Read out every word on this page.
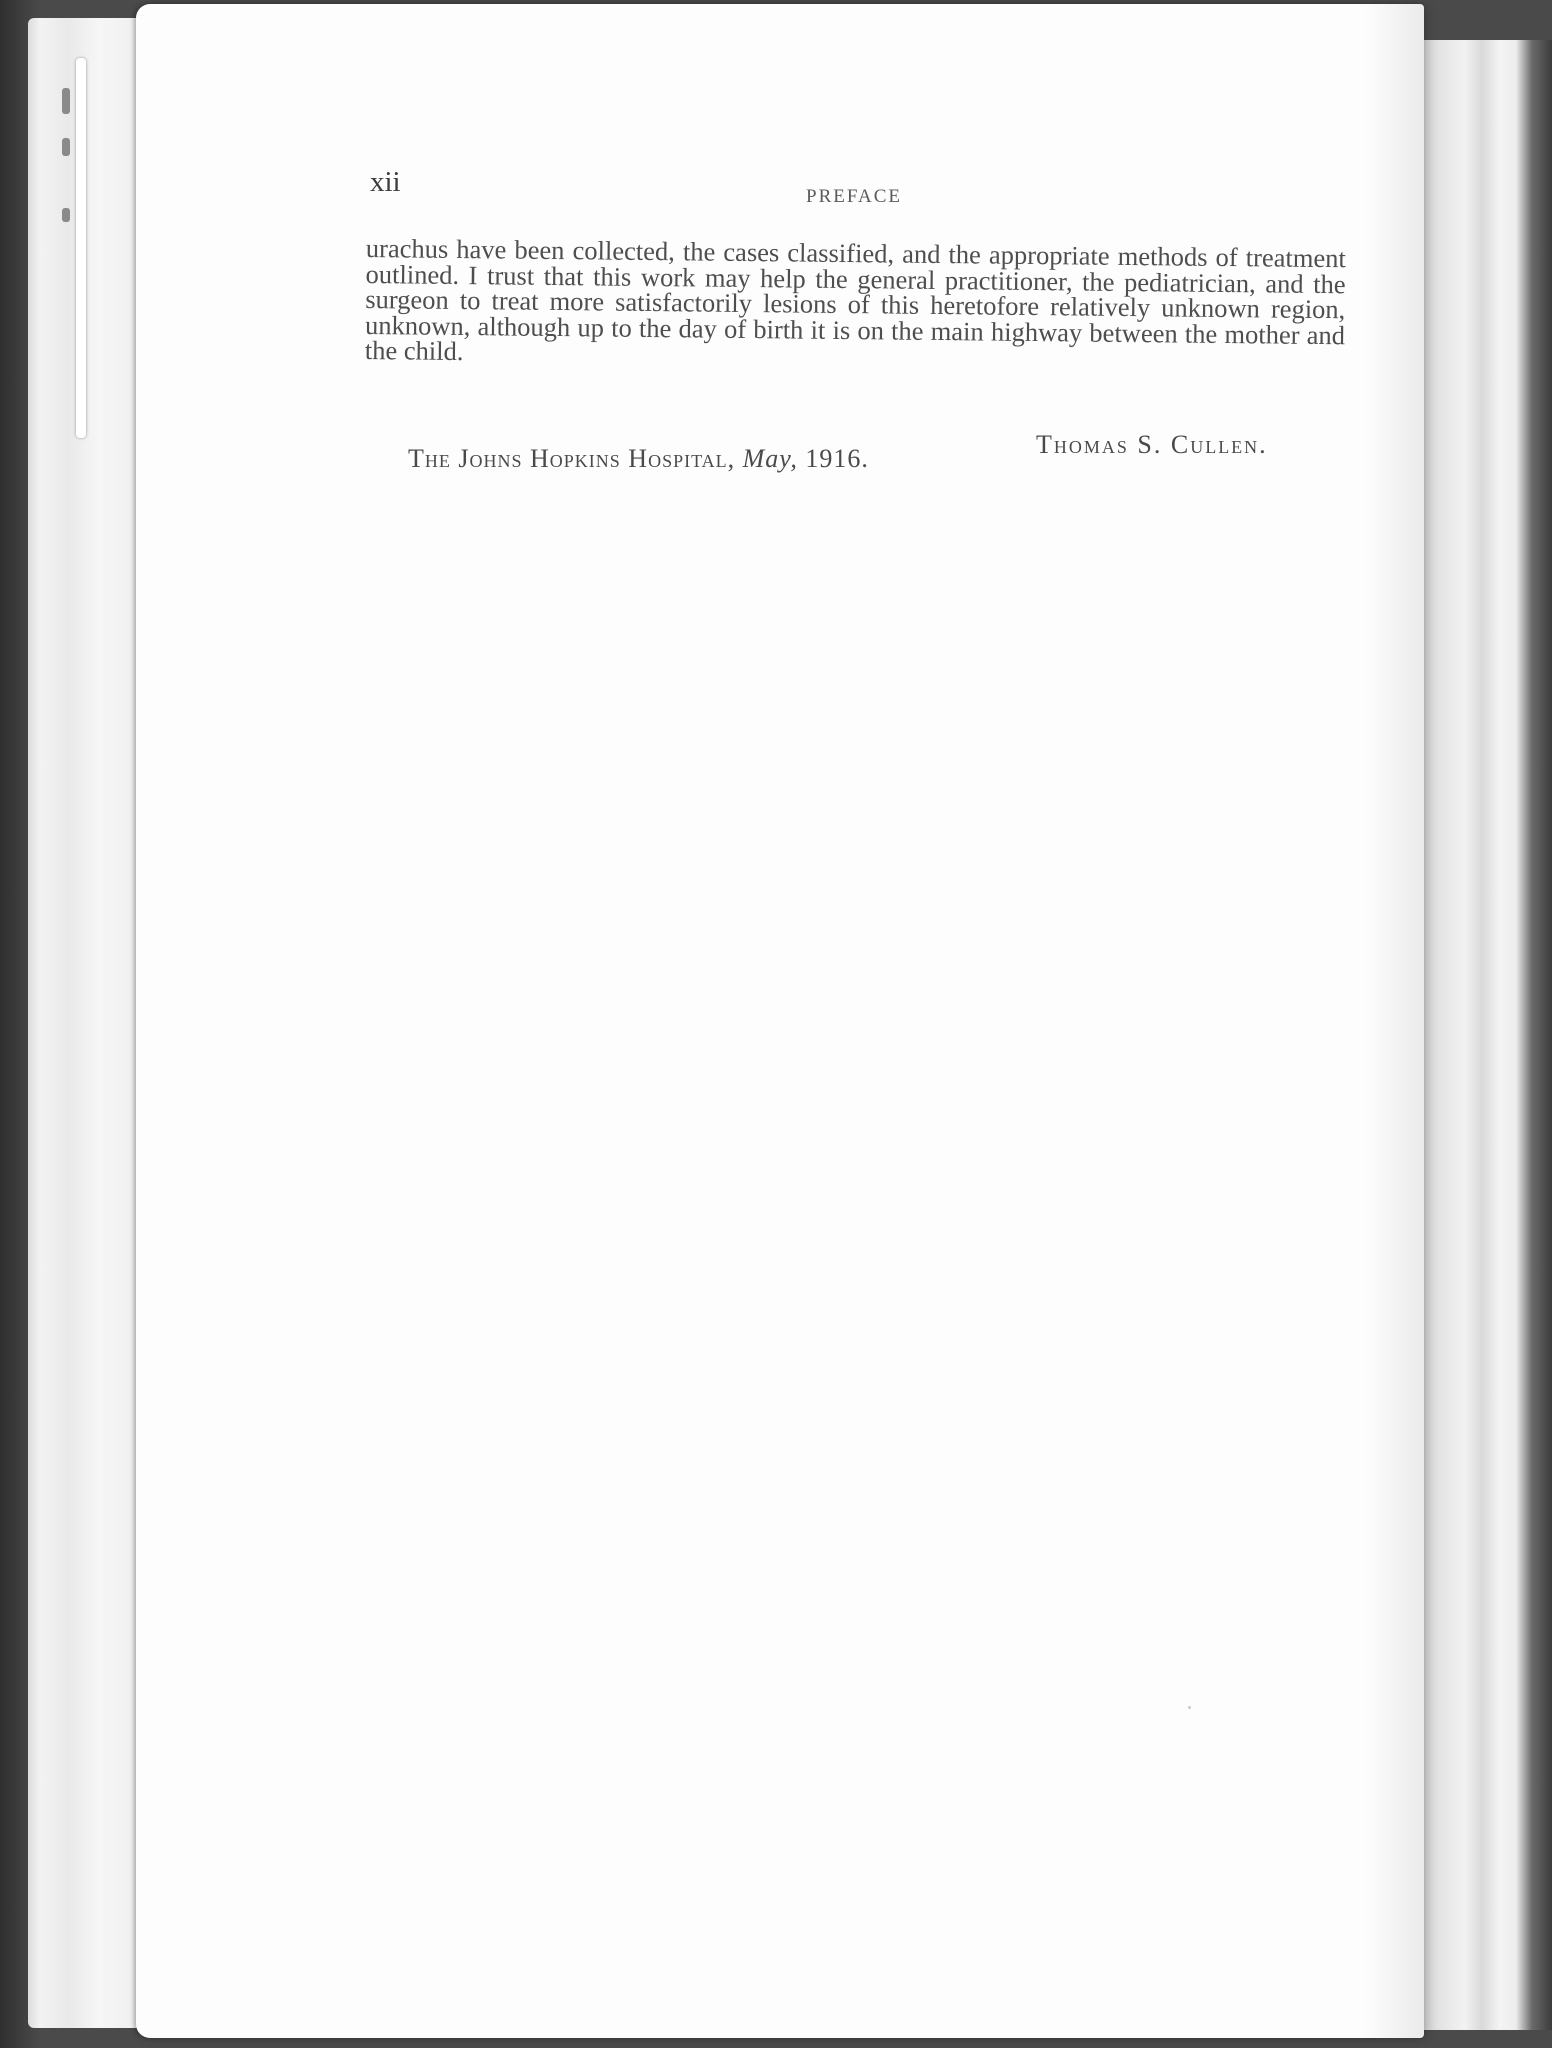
xii	PREFACE

urachus have been collected, the cases classified, and the appropriate methods of treatment outlined. I trust that this work may help the general practitioner, the pediatrician, and the surgeon to treat more satisfactorily lesions of this heretofore relatively unknown region, unknown, although up to the day of birth it is on the main highway between the mother and the child.

The Johns Hopkins Hospital, May, 1916.	Thomas S. Cullen.
